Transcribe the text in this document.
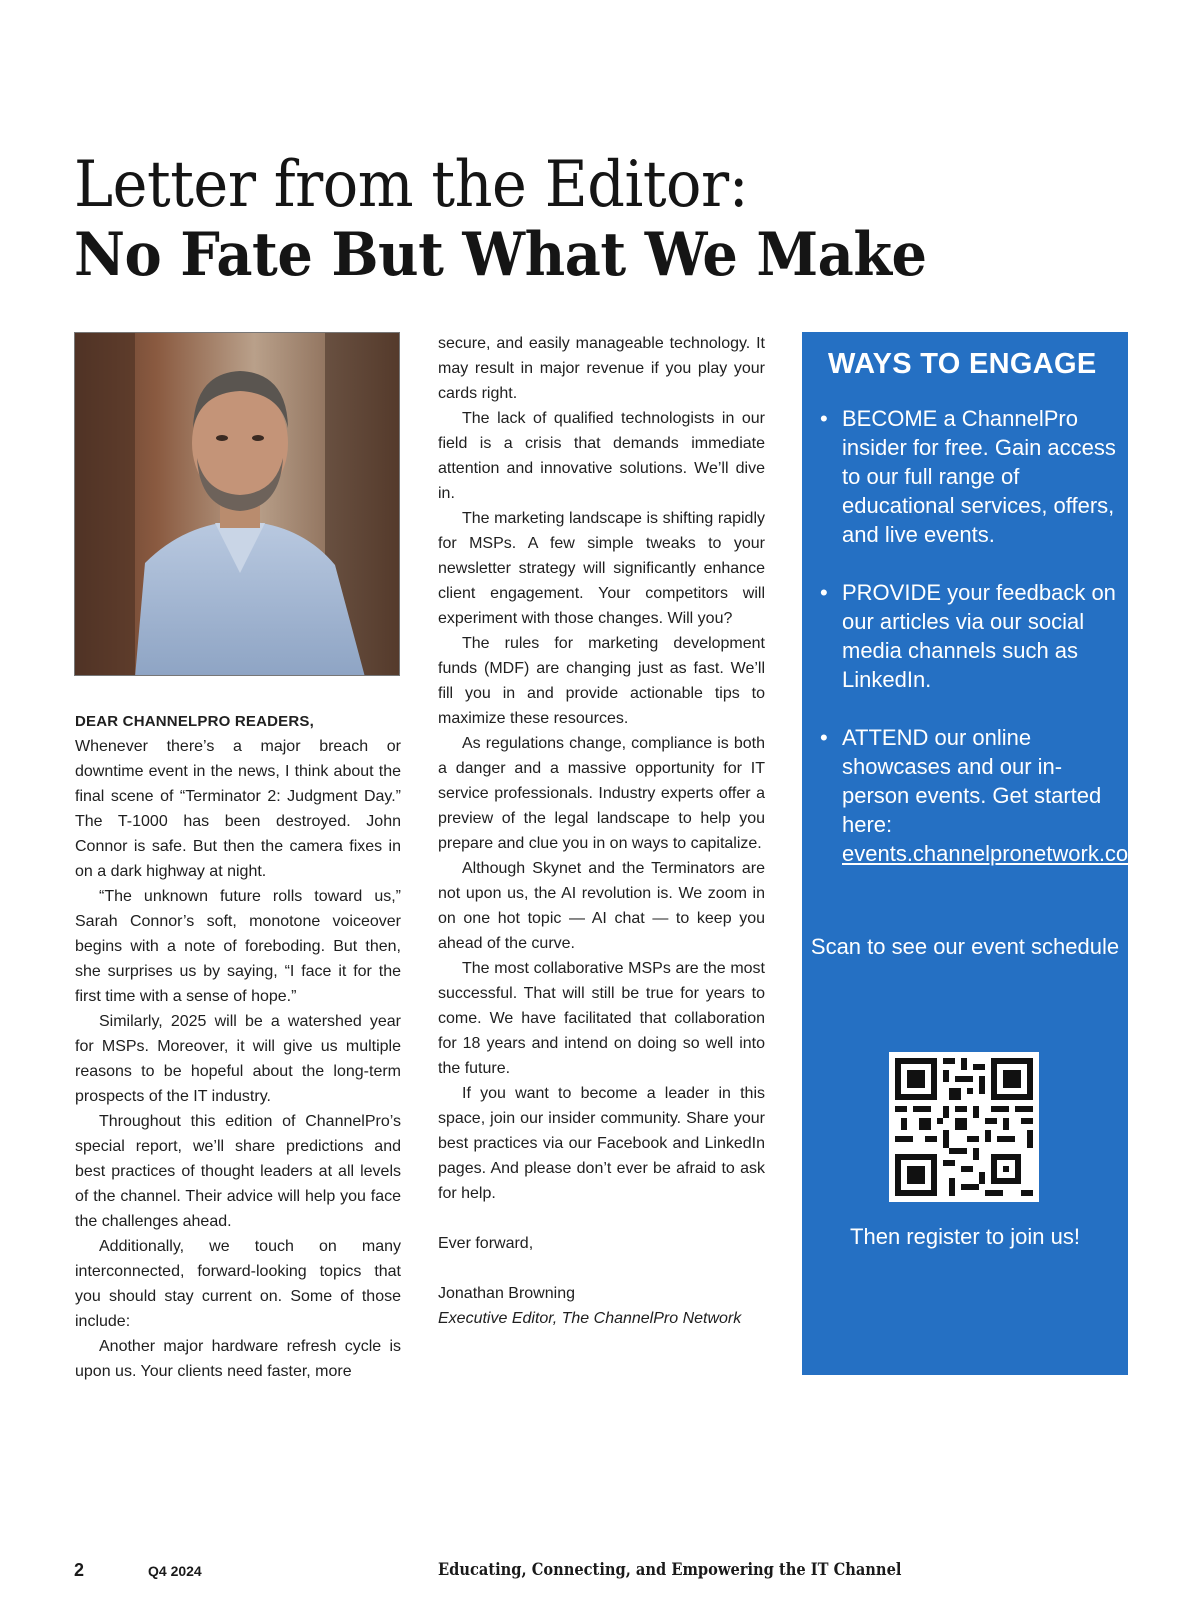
Letter from the Editor:
No Fate But What We Make

DEAR CHANNELPRO READERS,

Whenever there’s a major breach or downtime event in the news, I think about the final scene of “Terminator 2: Judgment Day.” The T-1000 has been destroyed. John Connor is safe. But then the camera fixes in on a dark highway at night.

“The unknown future rolls toward us,” Sarah Connor’s soft, monotone voiceover begins with a note of foreboding. But then, she surprises us by saying, “I face it for the first time with a sense of hope.”

Similarly, 2025 will be a watershed year for MSPs. Moreover, it will give us multiple reasons to be hopeful about the long-term prospects of the IT industry.

Throughout this edition of ChannelPro’s special report, we’ll share predictions and best practices of thought leaders at all levels of the channel. Their advice will help you face the challenges ahead.

Additionally, we touch on many interconnected, forward-looking topics that you should stay current on. Some of those include:

Another major hardware refresh cycle is upon us. Your clients need faster, more

secure, and easily manageable technology. It may result in major revenue if you play your cards right.

The lack of qualified technologists in our field is a crisis that demands immediate attention and innovative solutions. We’ll dive in.

The marketing landscape is shifting rapidly for MSPs. A few simple tweaks to your newsletter strategy will significantly enhance client engagement. Your competitors will experiment with those changes. Will you?

The rules for marketing development funds (MDF) are changing just as fast. We’ll fill you in and provide actionable tips to maximize these resources.

As regulations change, compliance is both a danger and a massive opportunity for IT service professionals. Industry experts offer a preview of the legal landscape to help you prepare and clue you in on ways to capitalize.

Although Skynet and the Terminators are not upon us, the AI revolution is. We zoom in on one hot topic — AI chat — to keep you ahead of the curve.

The most collaborative MSPs are the most successful. That will still be true for years to come. We have facilitated that collaboration for 18 years and intend on doing so well into the future.

If you want to become a leader in this space, join our insider community. Share your best practices via our Facebook and LinkedIn pages. And please don’t ever be afraid to ask for help.

Ever forward,

Jonathan Browning

Executive Editor, The ChannelPro Network

WAYS TO ENGAGE
• BECOME a ChannelPro insider for free. Gain access to our full range of educational services, offers, and live events.
• PROVIDE your feedback on our articles via our social media channels such as LinkedIn.
• ATTEND our online showcases and our in-person events. Get started here: events.channelpronetwork.com.
Scan to see our event schedule
Then register to join us!
2	Q4 2024	Educating, Connecting, and Empowering the IT Channel
